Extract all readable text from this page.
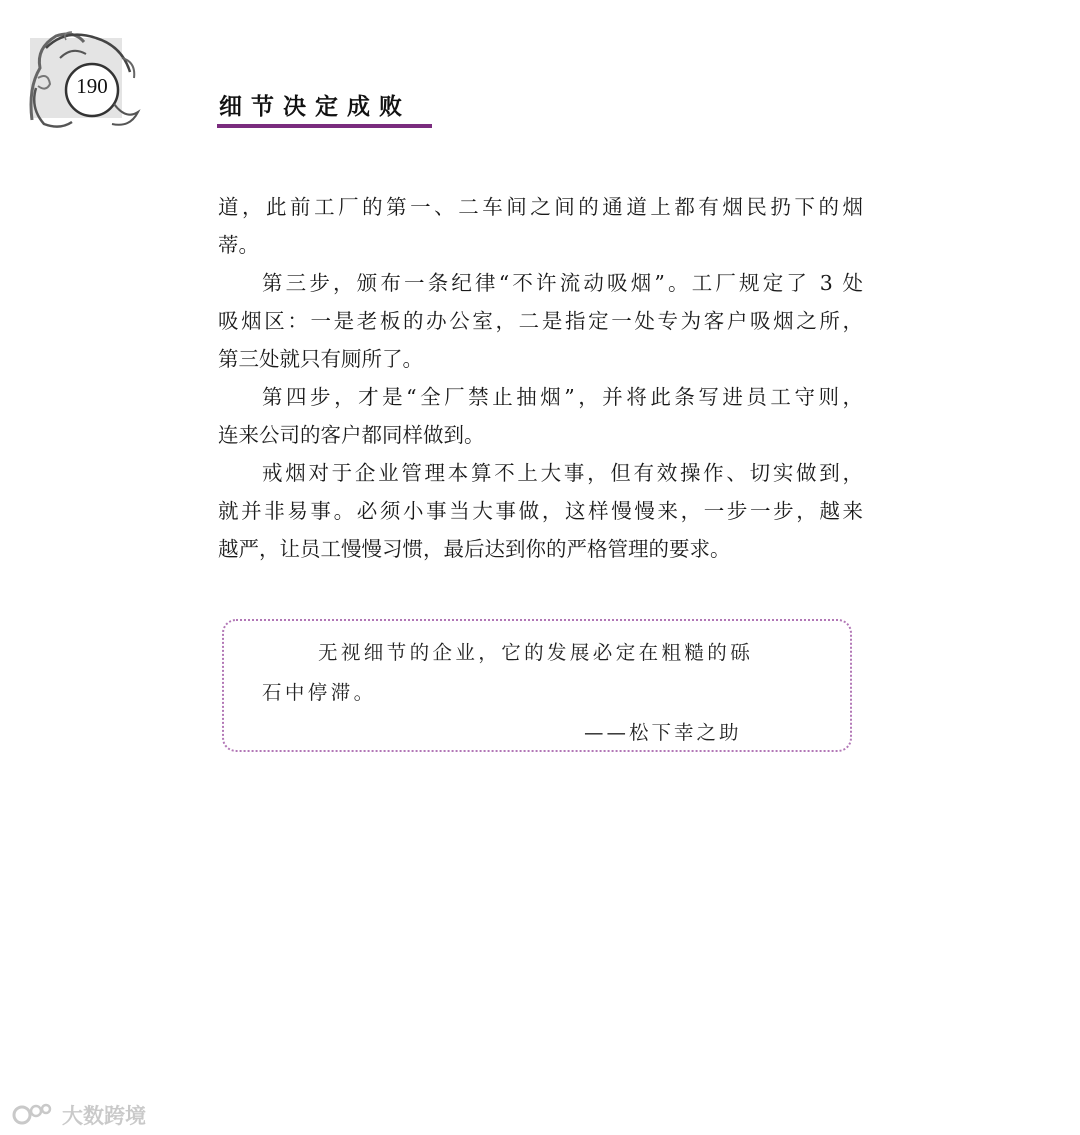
190
细节决定成败
道，此前工厂的第一、二车间之间的通道上都有烟民扔下的烟
蒂。
第三步，颁布一条纪律“不许流动吸烟”。工厂规定了 3 处
吸烟区：一是老板的办公室，二是指定一处专为客户吸烟之所，
第三处就只有厕所了。
第四步，才是“全厂禁止抽烟”，并将此条写进员工守则，
连来公司的客户都同样做到。
戒烟对于企业管理本算不上大事，但有效操作、切实做到，
就并非易事。必须小事当大事做，这样慢慢来，一步一步，越来
越严，让员工慢慢习惯，最后达到你的严格管理的要求。
无视细节的企业，它的发展必定在粗糙的砾
石中停滞。
——松下幸之助
大数跨境
